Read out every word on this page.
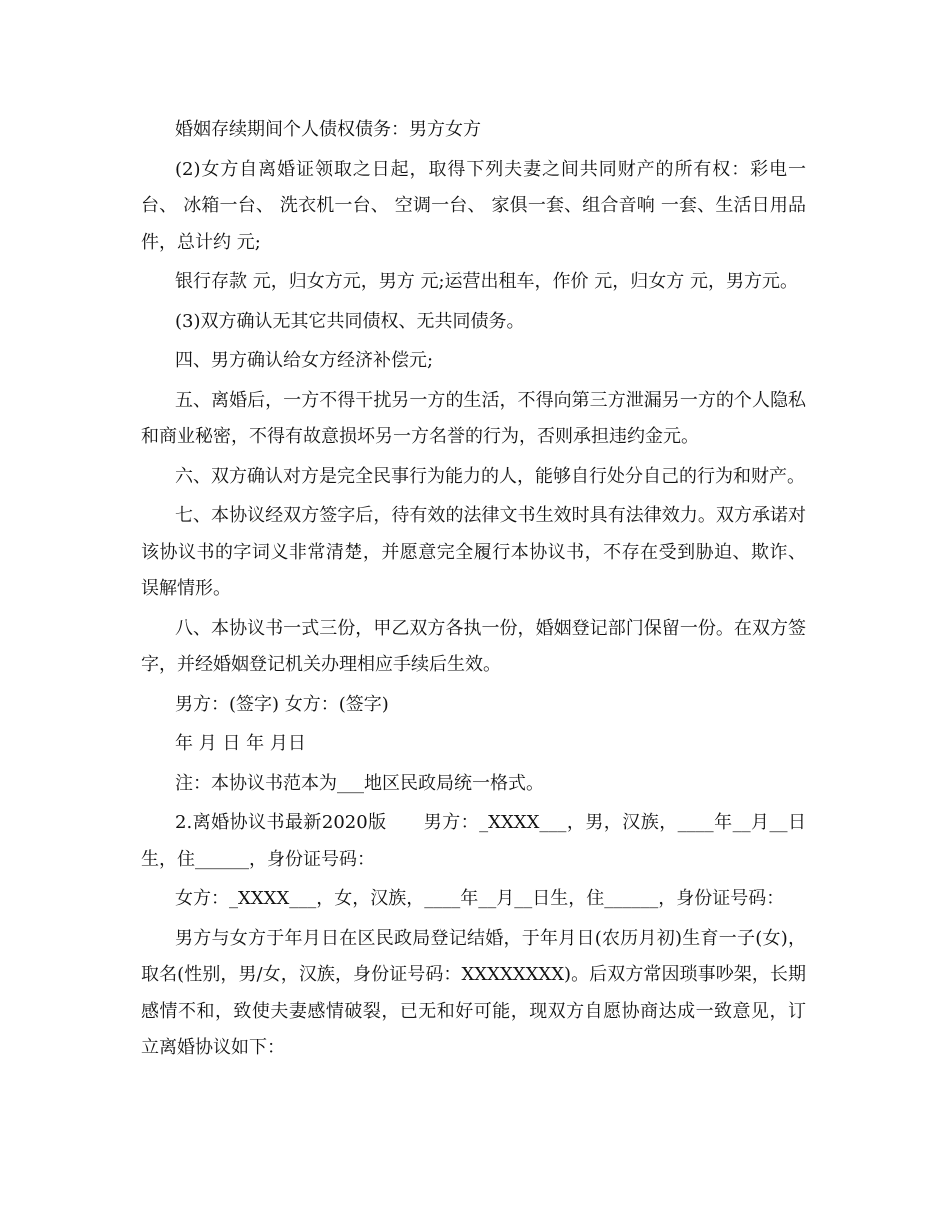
婚姻存续期间个人债权债务：男方女方

(2)女方自离婚证领取之日起，取得下列夫妻之间共同财产的所有权：彩电一台、 冰箱一台、 洗衣机一台、 空调一台、 家俱一套、组合音响 一套、生活日用品 件，总计约 元;

银行存款 元，归女方元，男方 元;运营出租车，作价 元，归女方 元，男方元。

(3)双方确认无其它共同债权、无共同债务。

四、男方确认给女方经济补偿元;

五、离婚后，一方不得干扰另一方的生活，不得向第三方泄漏另一方的个人隐私和商业秘密，不得有故意损坏另一方名誉的行为，否则承担违约金元。

六、双方确认对方是完全民事行为能力的人，能够自行处分自己的行为和财产。

七、本协议经双方签字后，待有效的法律文书生效时具有法律效力。双方承诺对该协议书的字词义非常清楚，并愿意完全履行本协议书，不存在受到胁迫、欺诈、误解情形。

八、本协议书一式三份，甲乙双方各执一份，婚姻登记部门保留一份。在双方签字，并经婚姻登记机关办理相应手续后生效。

男方：(签字) 女方：(签字)

年 月 日 年 月日

注：本协议书范本为___地区民政局统一格式。

2.离婚协议书最新2020版      男方：_XXXX___，男，汉族，____年__月__日生，住______，身份证号码：

女方：_XXXX___，女，汉族，____年__月__日生，住______，身份证号码：

男方与女方于年月日在区民政局登记结婚，于年月日(农历月初)生育一子(女)，取名(性别，男/女，汉族，身份证号码：XXXXXXXX)。后双方常因琐事吵架，长期感情不和，致使夫妻感情破裂，已无和好可能，现双方自愿协商达成一致意见，订立离婚协议如下：
